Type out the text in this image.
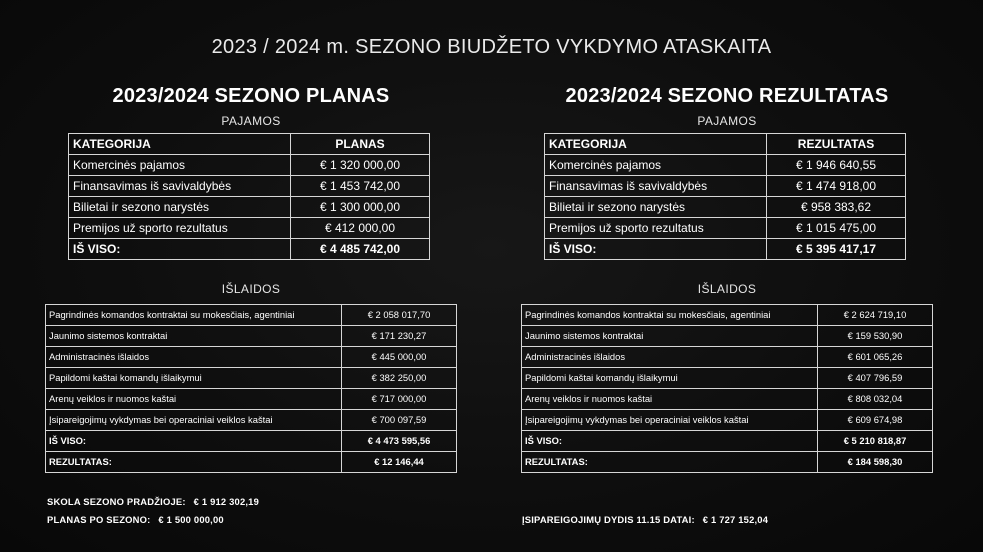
2023 / 2024 m. SEZONO BIUDŽETO VYKDYMO ATASKAITA
2023/2024 SEZONO PLANAS
PAJAMOS
KATEGORIJA	PLANAS
Komercinės pajamos	€ 1 320 000,00
Finansavimas iš savivaldybės	€ 1 453 742,00
Bilietai ir sezono narystės	€ 1 300 000,00
Premijos už sporto rezultatus	€ 412 000,00
IŠ VISO:	€ 4 485 742,00
IŠLAIDOS
Pagrindinės komandos kontraktai su mokesčiais, agentiniai	€ 2 058 017,70
Jaunimo sistemos kontraktai	€ 171 230,27
Administracinės išlaidos	€ 445 000,00
Papildomi kaštai komandų išlaikymui	€ 382 250,00
Arenų veiklos ir nuomos kaštai	€ 717 000,00
Įsipareigojimų vykdymas bei operaciniai veiklos kaštai	€ 700 097,59
IŠ VISO:	€ 4 473 595,56
REZULTATAS:	€ 12 146,44
2023/2024 SEZONO REZULTATAS
PAJAMOS
KATEGORIJA	REZULTATAS
Komercinės pajamos	€ 1 946 640,55
Finansavimas iš savivaldybės	€ 1 474 918,00
Bilietai ir sezono narystės	€ 958 383,62
Premijos už sporto rezultatus	€ 1 015 475,00
IŠ VISO:	€ 5 395 417,17
IŠLAIDOS
Pagrindinės komandos kontraktai su mokesčiais, agentiniai	€ 2 624 719,10
Jaunimo sistemos kontraktai	€ 159 530,90
Administracinės išlaidos	€ 601 065,26
Papildomi kaštai komandų išlaikymui	€ 407 796,59
Arenų veiklos ir nuomos kaštai	€ 808 032,04
Įsipareigojimų vykdymas bei operaciniai veiklos kaštai	€ 609 674,98
IŠ VISO:	€ 5 210 818,87
REZULTATAS:	€ 184 598,30
SKOLA SEZONO PRADŽIOJE: € 1 912 302,19
PLANAS PO SEZONO: € 1 500 000,00	ĮSIPAREIGOJIMŲ DYDIS 11.15 DATAI: € 1 727 152,04
